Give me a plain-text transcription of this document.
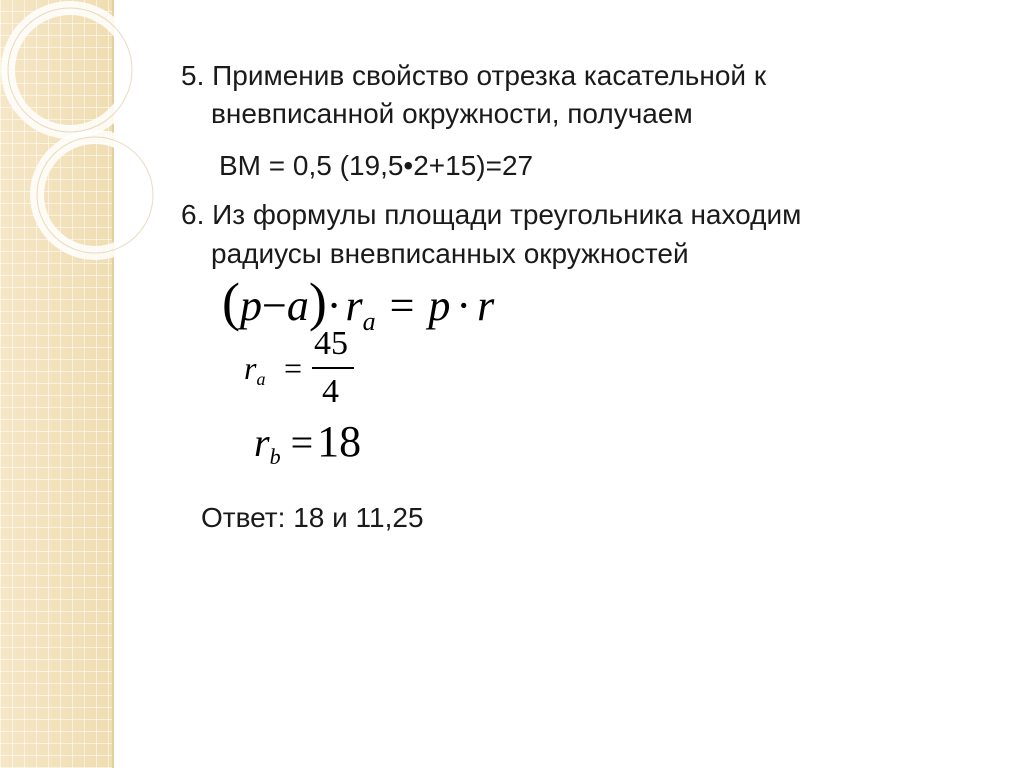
5. Применив свойство отрезка касательной к
вневписанной окружности, получаем
ВМ = 0,5 (19,5•2+15)=27
6. Из формулы площади треугольника находим
радиусы вневписанных окружностей
$(p-a)\cdot r_a = p \cdot r$
$r_a$ =
45
4
$r_b =18$
Ответ: 18 и 11,25
